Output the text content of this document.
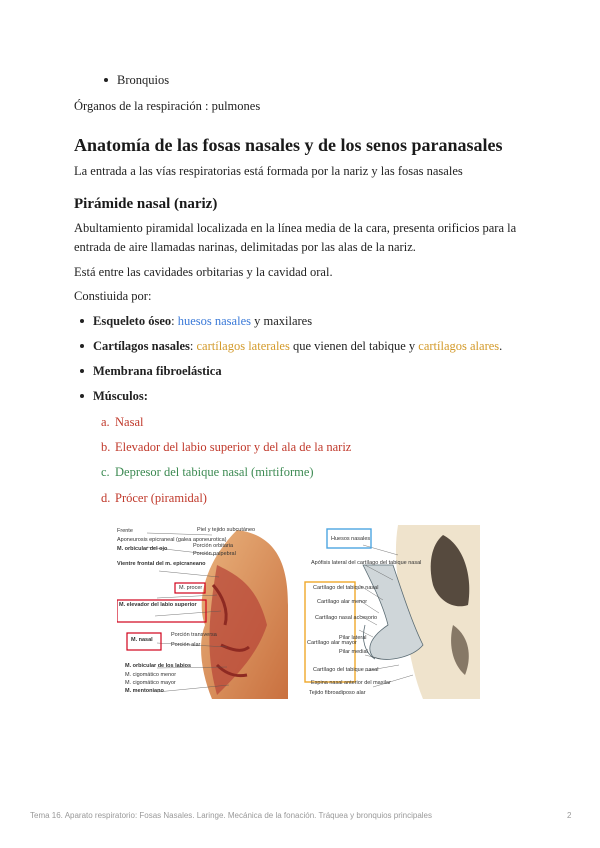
Bronquios
Órganos de la respiración : pulmones
Anatomía de las fosas nasales y de los senos paranasales
La entrada a las vías respiratorias está formada por la nariz y las fosas nasales
Pirámide nasal (nariz)
Abultamiento piramidal localizada en la línea media de la cara, presenta orificios para la
entrada de aire llamadas narinas, delimitadas por las alas de la nariz.
Está entre las cavidades orbitarias y la cavidad oral.
Constiuida por:
Esqueleto óseo: huesos nasales y maxilares
Cartílagos nasales: cartílagos laterales que vienen del tabique y cartílagos alares.
Membrana fibroelástica
Músculos:
a. Nasal
b. Elevador del labio superior y del ala de la nariz
c. Depresor del tabique nasal (mirtiforme)
d. Prócer (piramidal)
Frente	Piel y tejido subcutáneo
Aponeurosis epicraneal (galea aponeurotica)
M. orbicular del ojo	Porción orbitaria
Porción palpebral
Vientre frontal del m. epicraneano
M. procer
M. elevador del labio superior
M. nasal
Porción transversa
Porción alar
M. orbicular de los labios
M. cigomático menor
M. cigomático mayor
M. mentoniano
Huesos nasales
Apófisis lateral del cartílago del tabique nasal
Cartílago del tabique nasal
Cartílago alar menor
Cartílago nasal accesorio
Pilar lateral
Pilar medial
Cartílago alar mayor
Cartílago del tabique nasal
Espina nasal anterior del maxilar
Tejido fibroadiposo alar
Tema 16. Aparato respiratorio: Fosas Nasales. Laringe. Mecánica de la fonación. Tráquea y bronquios principales	2
